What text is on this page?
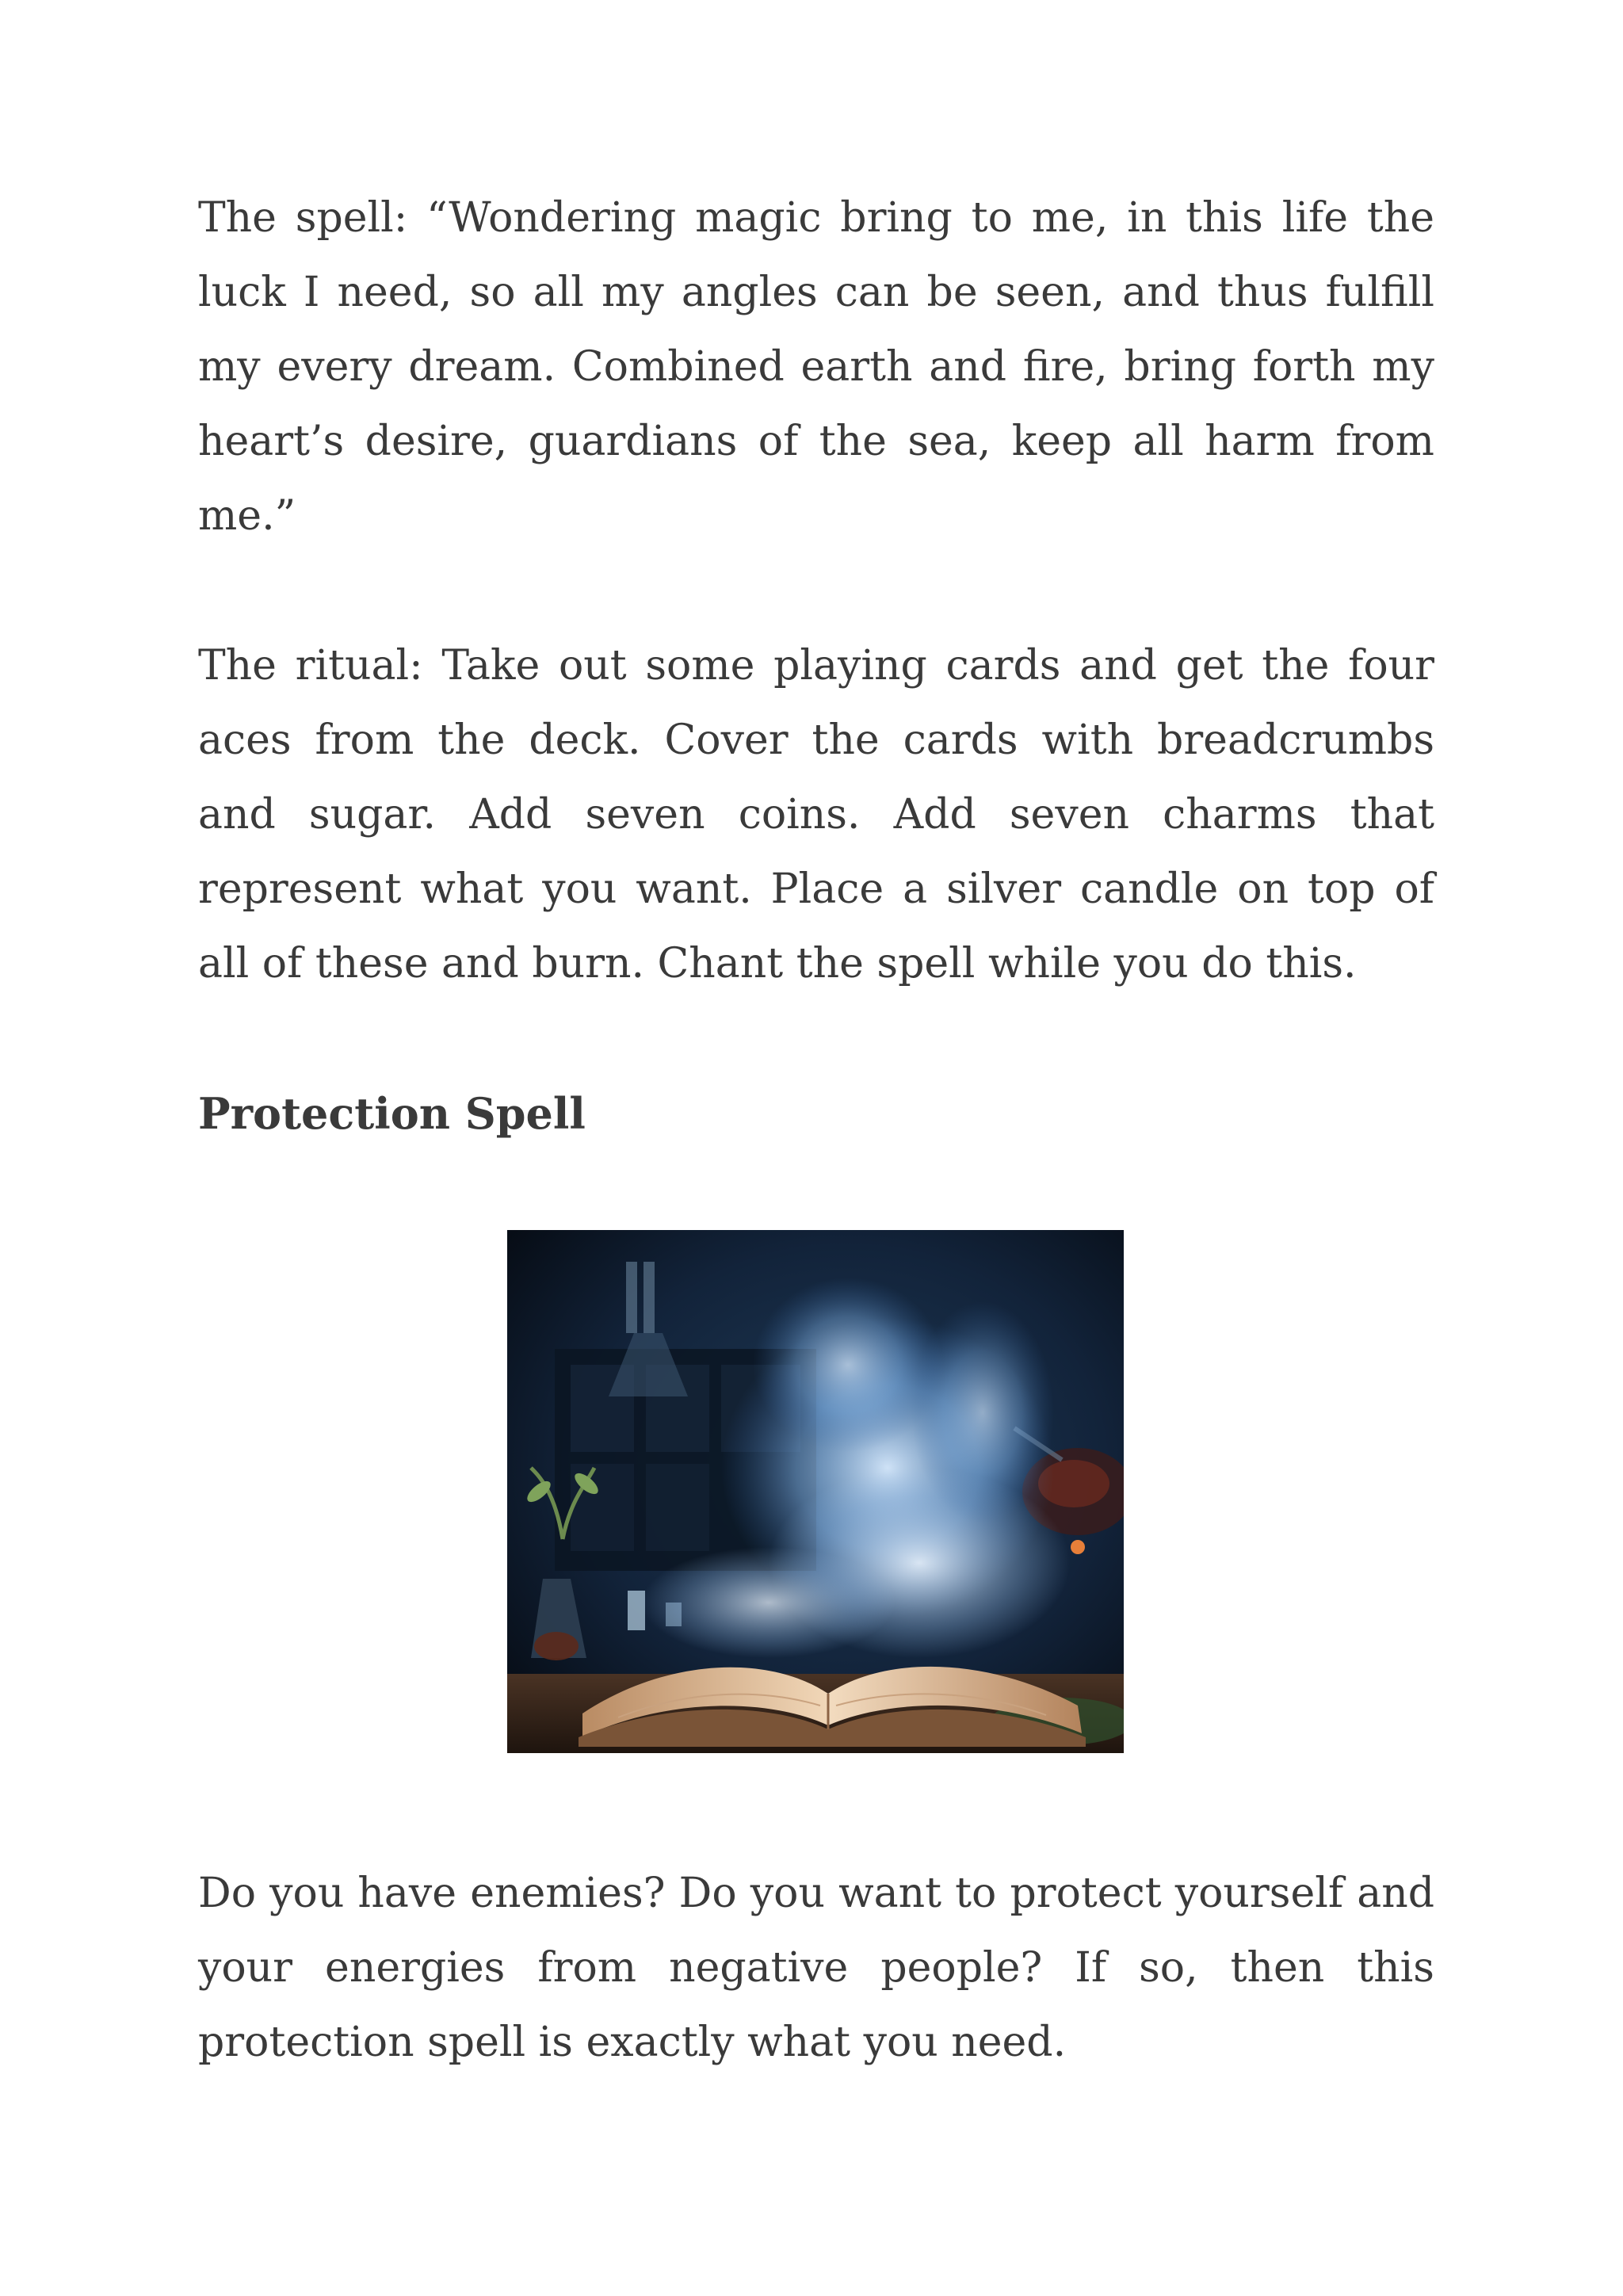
The spell: “Wondering magic bring to me, in this life the luck I need, so all my angles can be seen, and thus fulfill my every dream. Combined earth and fire, bring forth my heart’s desire, guardians of the sea, keep all harm from me.”

The ritual: Take out some playing cards and get the four aces from the deck. Cover the cards with breadcrumbs and sugar. Add seven coins. Add seven charms that represent what you want. Place a silver candle on top of all of these and burn. Chant the spell while you do this.

Protection Spell

Do you have enemies? Do you want to protect yourself and your energies from negative people? If so, then this protection spell is exactly what you need.
